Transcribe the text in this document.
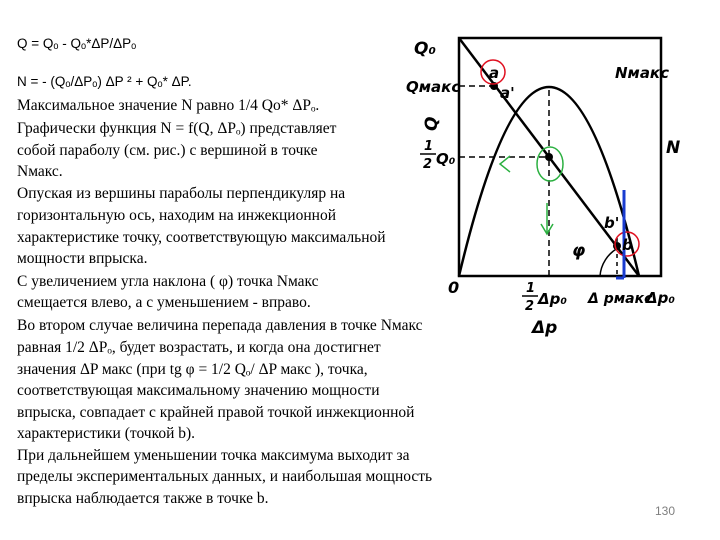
Q = Qₒ - Qₒ*ΔP/ΔPₒ
N = - (Qₒ/ΔPₒ) ΔP ² + Qₒ* ΔP.
Максимальное значение N равно 1/4 Qo* ΔPₒ.
Графически функция N = f(Q, ΔPₒ) представляет
собой параболу (см. рис.) с вершиной в точке
Nмакс.
Опуская из вершины параболы перпендикуляр на
горизонтальную ось, находим на инжекционной
характеристике точку, соответствующую максимальной
мощности впрыска.
С увеличением угла наклона ( φ) точка Nмакс
смещается влево, а с уменьшением - вправо.
Во втором случае величина перепада давления в точке Nмакс
равная 1/2 ΔPₒ, будет возрастать, и когда она достигнет
значения ΔP макс (при tg φ = 1/2 Qₒ/ ΔP макс ), точка,
соответствующая максимальному значению мощности
впрыска, совпадает с крайней правой точкой инжекционной
характеристики (точкой b).
При дальнейшем уменьшении точка максимума выходит за
пределы экспериментальных данных, и наибольшая мощность
впрыска наблюдается также в точке b.
Q₀
Qмакс
Q
1
2 Q₀
Nмакс
N
0	1
2 Δp₀ Δ pмакс
Δp₀
Δp
a
a'
b
b'
φ
130
